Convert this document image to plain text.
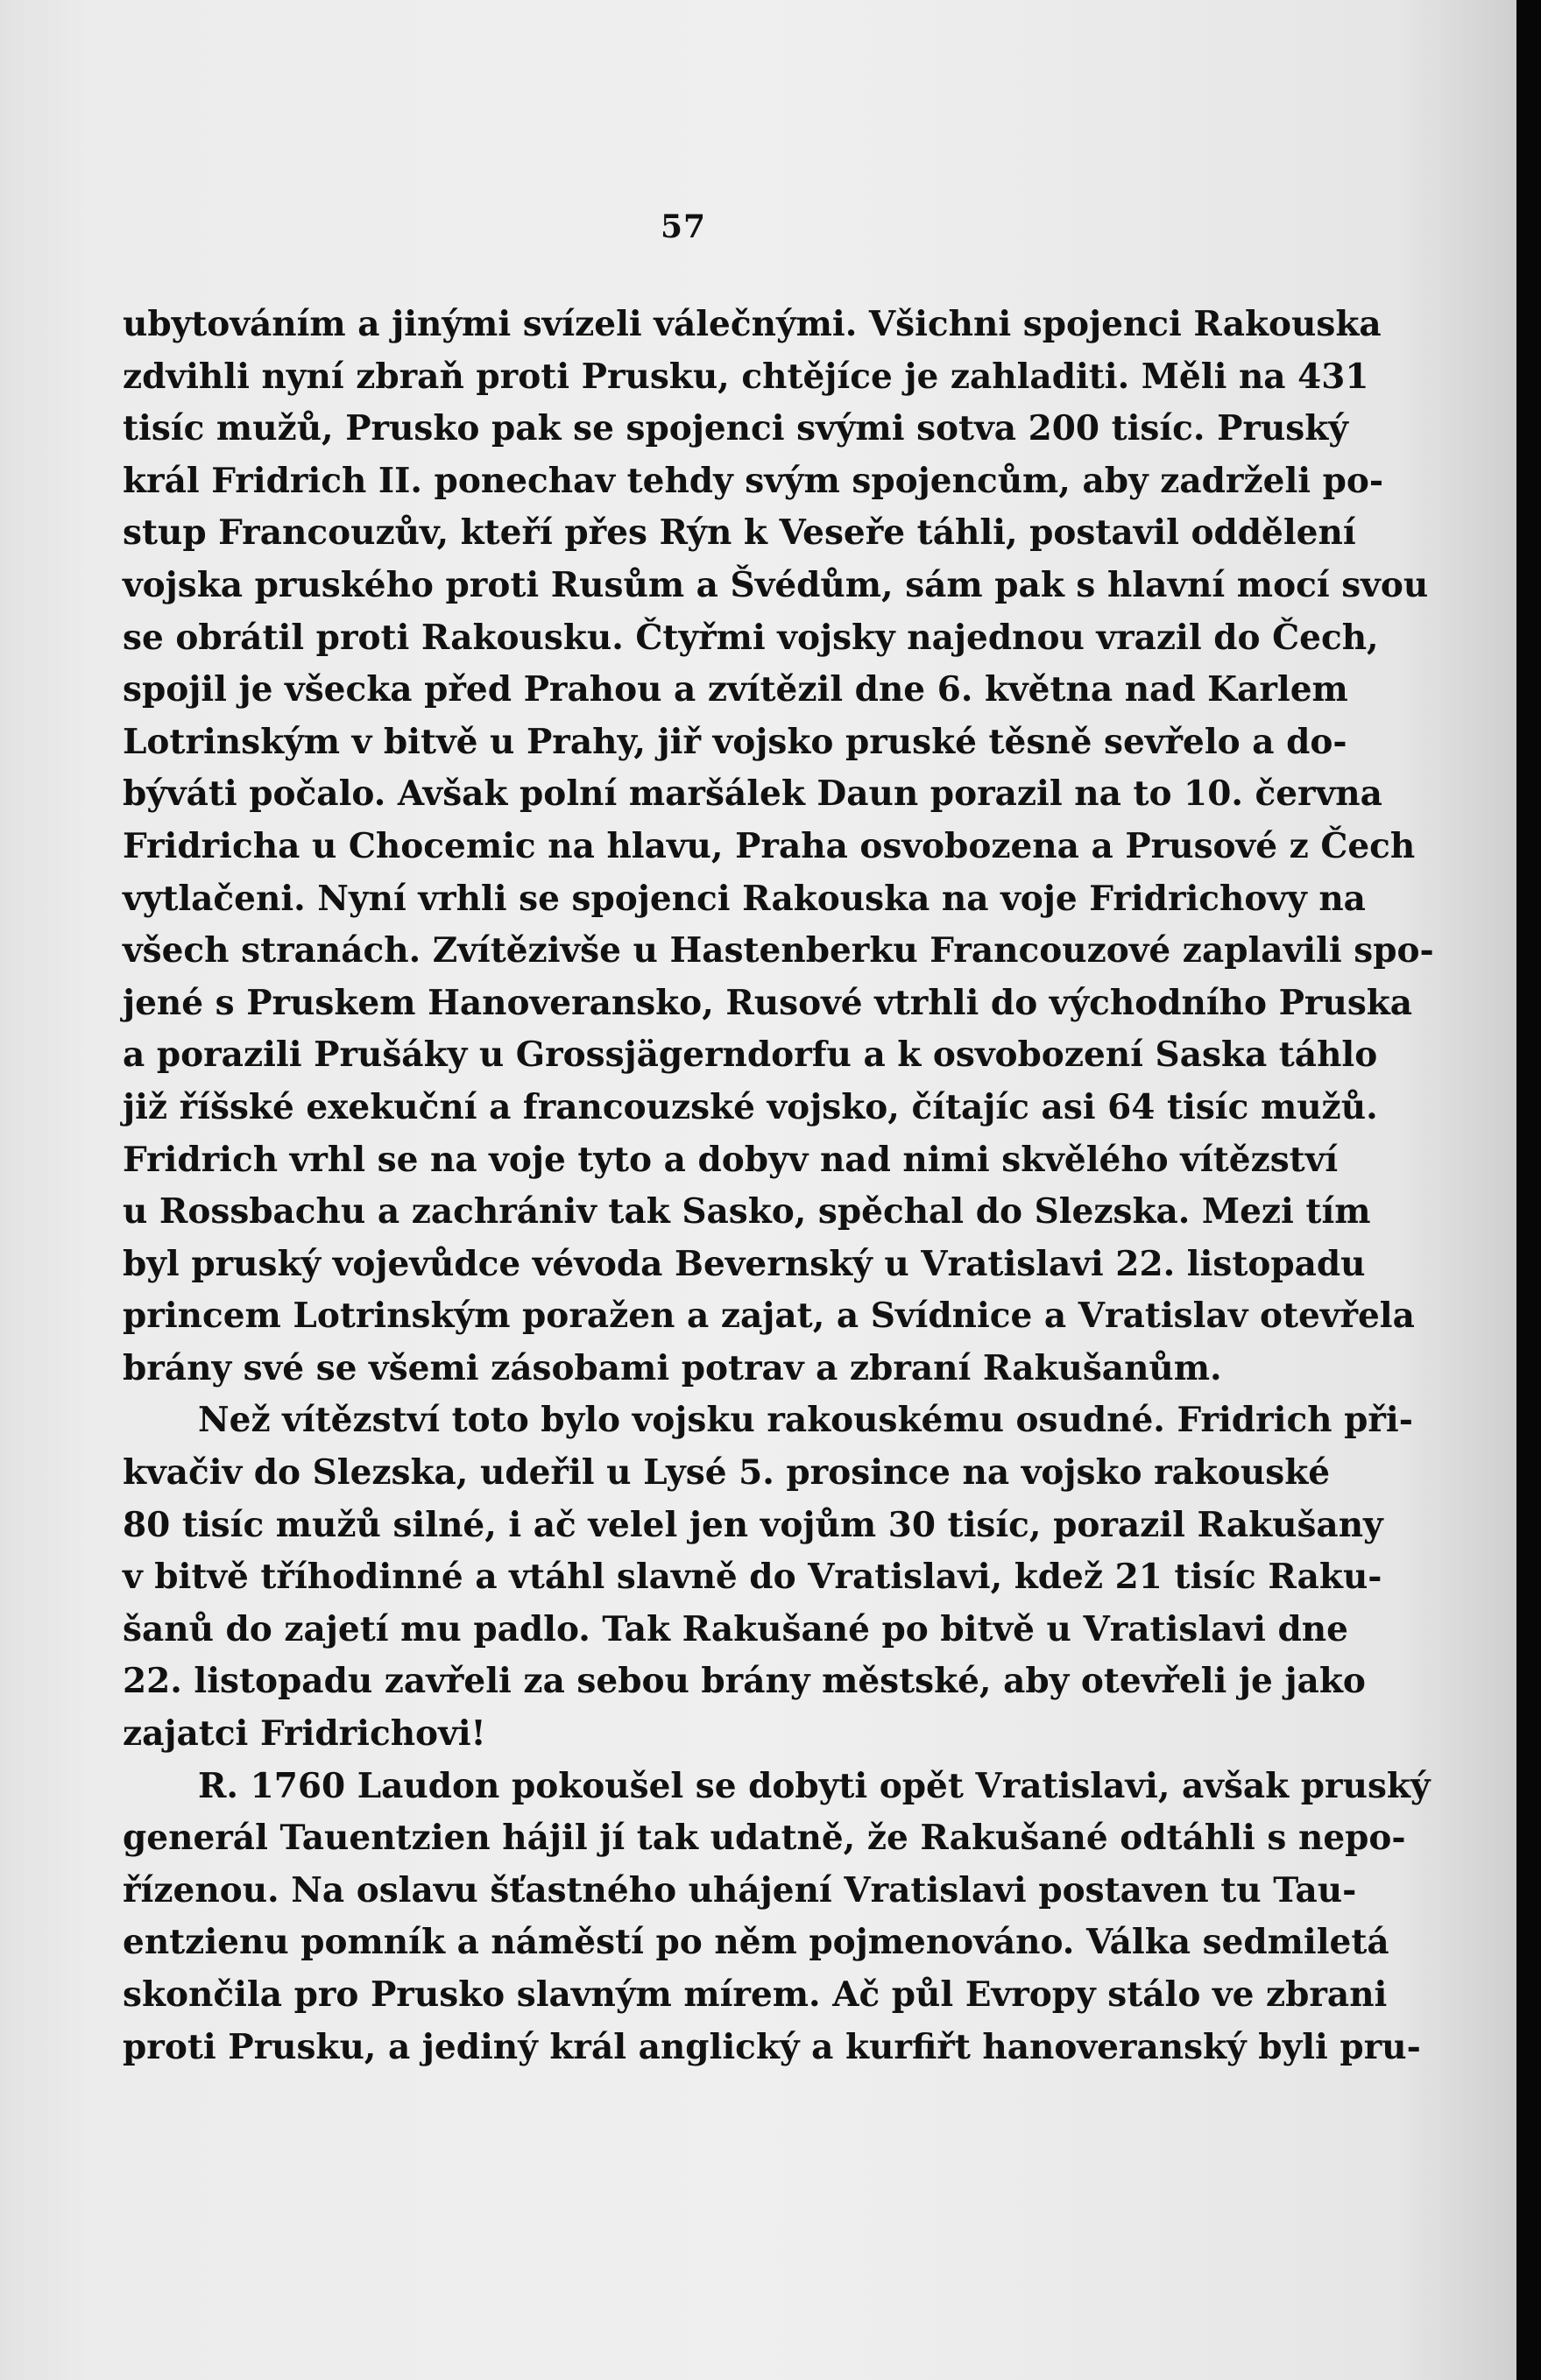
57

ubytováním a jinými svízeli válečnými. Všichni spojenci Rakouska
zdvihli nyní zbraň proti Prusku, chtějíce je zahladiti. Měli na 431
tisíc mužů, Prusko pak se spojenci svými sotva 200 tisíc. Pruský
král Fridrich II. ponechav tehdy svým spojencům, aby zadrželi po-
stup Francouzův, kteří přes Rýn k Veseře táhli, postavil oddělení
vojska pruského proti Rusům a Švédům, sám pak s hlavní mocí svou
se obrátil proti Rakousku. Čtyřmi vojsky najednou vrazil do Čech,
spojil je všecka před Prahou a zvítězil dne 6. května nad Karlem
Lotrinským v bitvě u Prahy, jiř vojsko pruské těsně sevřelo a do-
býváti počalo. Avšak polní maršálek Daun porazil na to 10. června
Fridricha u Chocemic na hlavu, Praha osvobozena a Prusové z Čech
vytlačeni. Nyní vrhli se spojenci Rakouska na voje Fridrichovy na
všech stranách. Zvítězivše u Hastenberku Francouzové zaplavili spo-
jené s Pruskem Hanoveransko, Rusové vtrhli do východního Pruska
a porazili Prušáky u Grossjägerndorfu a k osvobození Saska táhlo
již říšské exekuční a francouzské vojsko, čítajíc asi 64 tisíc mužů.
Fridrich vrhl se na voje tyto a dobyv nad nimi skvělého vítězství
u Rossbachu a zachrániv tak Sasko, spěchal do Slezska. Mezi tím
byl pruský vojevůdce vévoda Bevernský u Vratislavi 22. listopadu
princem Lotrinským poražen a zajat, a Svídnice a Vratislav otevřela
brány své se všemi zásobami potrav a zbraní Rakušanům.

Než vítězství toto bylo vojsku rakouskému osudné. Fridrich při-
kvačiv do Slezska, udeřil u Lysé 5. prosince na vojsko rakouské
80 tisíc mužů silné, i ač velel jen vojům 30 tisíc, porazil Rakušany
v bitvě tříhodinné a vtáhl slavně do Vratislavi, kdež 21 tisíc Raku-
šanů do zajetí mu padlo. Tak Rakušané po bitvě u Vratislavi dne
22. listopadu zavřeli za sebou brány městské, aby otevřeli je jako
zajatci Fridrichovi!

R. 1760 Laudon pokoušel se dobyti opět Vratislavi, avšak pruský
generál Tauentzien hájil jí tak udatně, že Rakušané odtáhli s nepo-
řízenou. Na oslavu šťastného uhájení Vratislavi postaven tu Tau-
entzienu pomník a náměstí po něm pojmenováno. Válka sedmiletá
skončila pro Prusko slavným mírem. Ač půl Evropy stálo ve zbrani
proti Prusku, a jediný král anglický a kurfiřt hanoveranský byli pru-
